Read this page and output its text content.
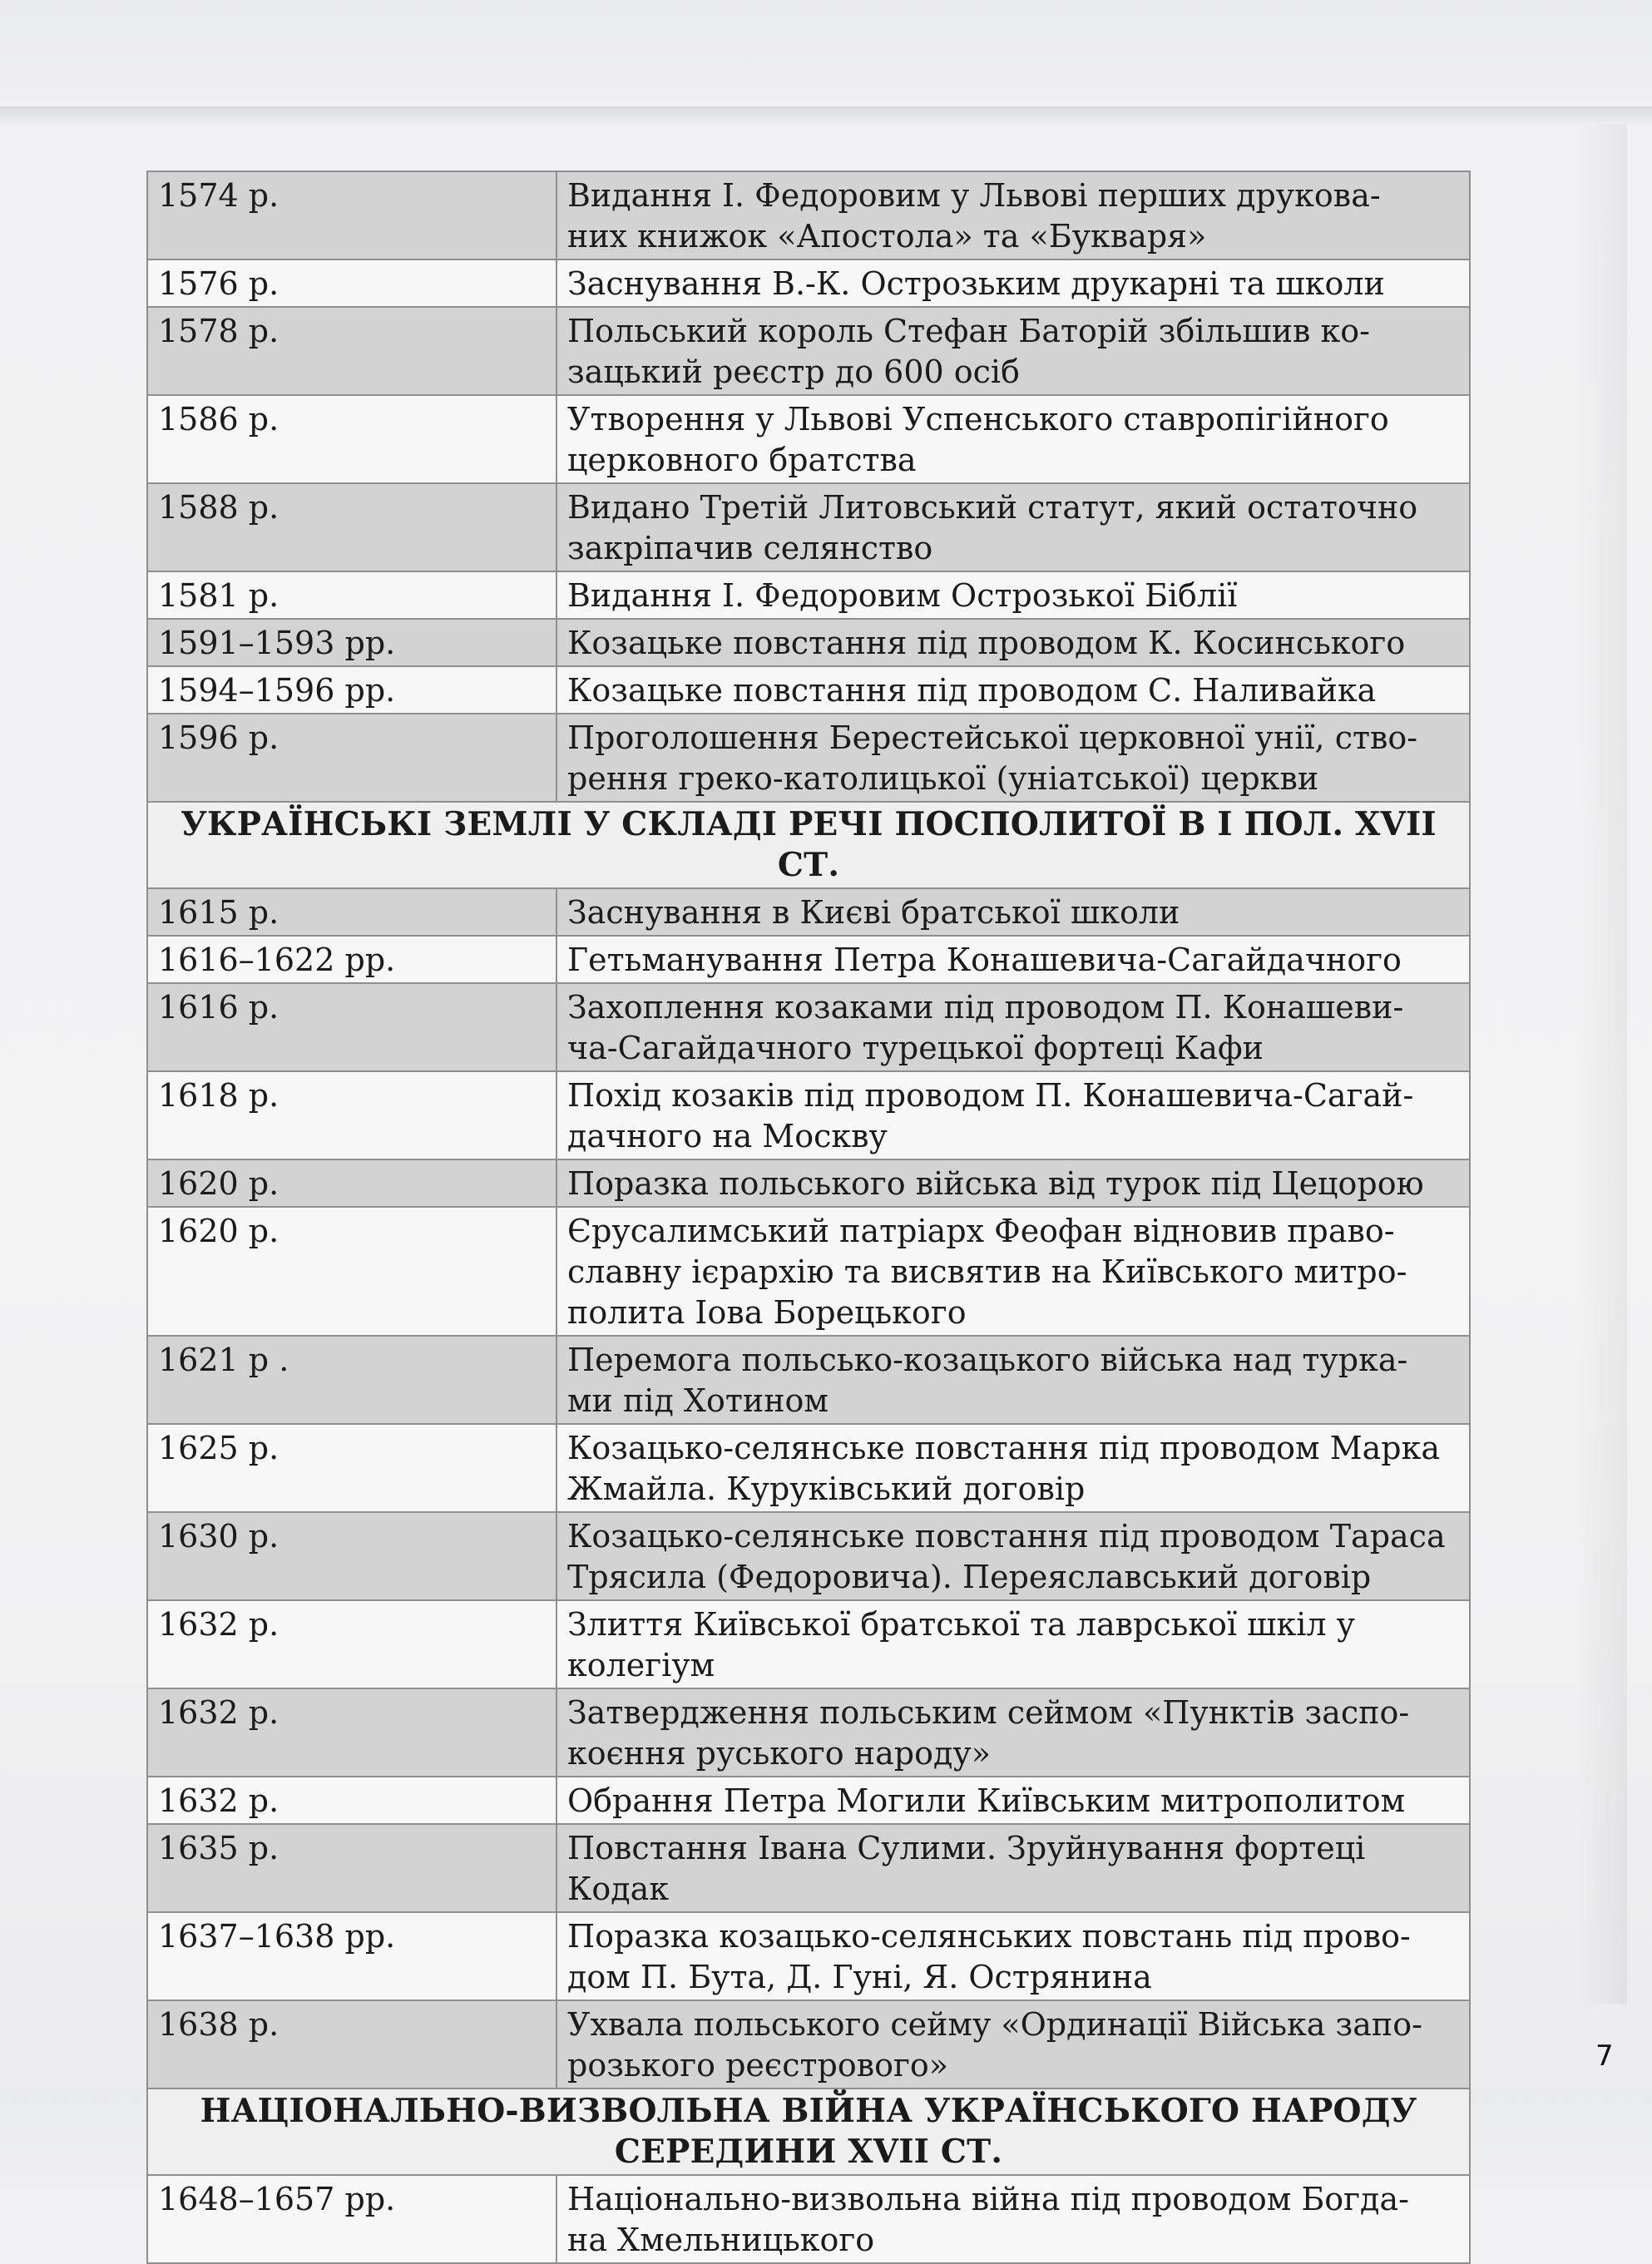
1574 р.	Видання І. Федоровим у Львові перших друкова-
них книжок «Апостола» та «Букваря»
1576 р.	Заснування В.-К. Острозьким друкарні та школи
1578 р.	Польський король Стефан Баторій збільшив ко-
зацький реєстр до 600 осіб
1586 р.	Утворення у Львові Успенського ставропігійного
церковного братства
1588 р.	Видано Третій Литовський статут, який остаточно
закріпачив селянство
1581 р.	Видання І. Федоровим Острозької Біблії
1591–1593 рр.	Козацьке повстання під проводом К. Косинського
1594–1596 рр.	Козацьке повстання під проводом С. Наливайка
1596 р.	Проголошення Берестейської церковної унії, ство-
рення греко-католицької (уніатської) церкви
УКРАЇНСЬКІ ЗЕМЛІ У СКЛАДІ РЕЧІ ПОСПОЛИТОЇ В І ПОЛ. XVII СТ.	
1615 р.	Заснування в Києві братської школи
1616–1622 рр.	Гетьманування Петра Конашевича-Сагайдачного
1616 р.	Захоплення козаками під проводом П. Конашеви-
ча-Сагайдачного турецької фортеці Кафи
1618 р.	Похід козаків під проводом П. Конашевича-Сагай-
дачного на Москву
1620 р.	Поразка польського війська від турок під Цецорою
1620 р.	Єрусалимський патріарх Феофан відновив право-
славну ієрархію та висвятив на Київського митро-
полита Іова Борецького
1621 р .	Перемога польсько-козацького війська над турка-
ми під Хотином
1625 р.	Козацько-селянське повстання під проводом Марка
Жмайла. Куруківський договір
1630 р.	Козацько-селянське повстання під проводом Тараса
Трясила (Федоровича). Переяславський договір
1632 р.	Злиття Київської братської та лаврської шкіл у колегіум
1632 р.	Затвердження польським сеймом «Пунктів заспо-
коєння руського народу»
1632 р.	Обрання Петра Могили Київським митрополитом
1635 р.	Повстання Івана Сулими. Зруйнування фортеці Кодак
1637–1638 рр.	Поразка козацько-селянських повстань під прово-
дом П. Бута, Д. Гуні, Я. Острянина
1638 р.	Ухвала польського сейму «Ординації Війська запо-
розького реєстрового»
НАЦІОНАЛЬНО-ВИЗВОЛЬНА ВІЙНА УКРАЇНСЬКОГО НАРОДУ
СЕРЕДИНИ XVII СТ.	
1648–1657 рр.	Національно-визвольна війна під проводом Богда-
на Хмельницького
7
